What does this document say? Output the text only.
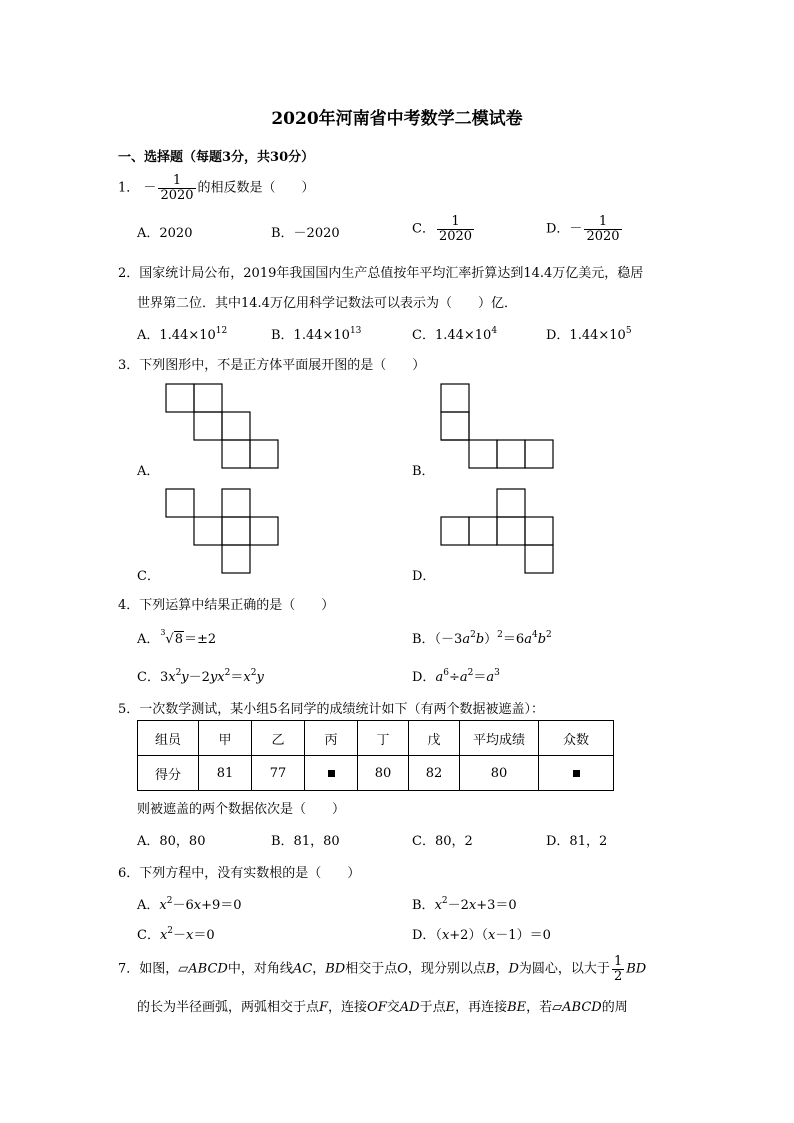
2020年河南省中考数学二模试卷
一、选择题（每题3分，共30分）
1． － $\frac{1}{2020}$ 的相反数是（　　）
A．2020	B．－2020	C． $\frac{1}{2020}$	D．－ $\frac{1}{2020}$
2．国家统计局公布，2019年我国国内生产总值按年平均汇率折算达到14.4万亿美元，稳居
世界第二位．其中14.4万亿用科学记数法可以表示为（　　）亿．
A．$1.44\times 10^{12}$	B．$1.44\times 10^{13}$	C．$1.44\times 10^4$	D．$1.44\times 10^5$
3．下列图形中，不是正方体平面展开图的是（　　）
A．	B．
C．	D．
4．下列运算中结果正确的是（　　）
A． 3 √8＝±2	B．$(-3a^2b)^2=6a^4b^2$
C．$3x^2y-2yx^2=x^2y$	D．$a^6\div a^2=a^3$
5．一次数学测试，某小组5名同学的成绩统计如下（有两个数据被遮盖）：
组员	甲	乙	丙	丁	戊	平均成绩	众数
得分	81	77		80	82	80	
则被遮盖的两个数据依次是（　　）
A．80，80	B．81，80	C．80，2	D．81，2
6．下列方程中，没有实数根的是（　　）
A．$x^2-6x+9=0$	B．$x^2-2x+3=0$
C．$x^2-x=0$	D．（x+2）（x－1）＝0
7．如图，▱ABCD中，对角线AC，BD相交于点O，现分别以点B，D为圆心，以大于 $\frac{1}{2}$ BD
的长为半径画弧，两弧相交于点F，连接OF交AD于点E，再连接BE，若▱ABCD的周
